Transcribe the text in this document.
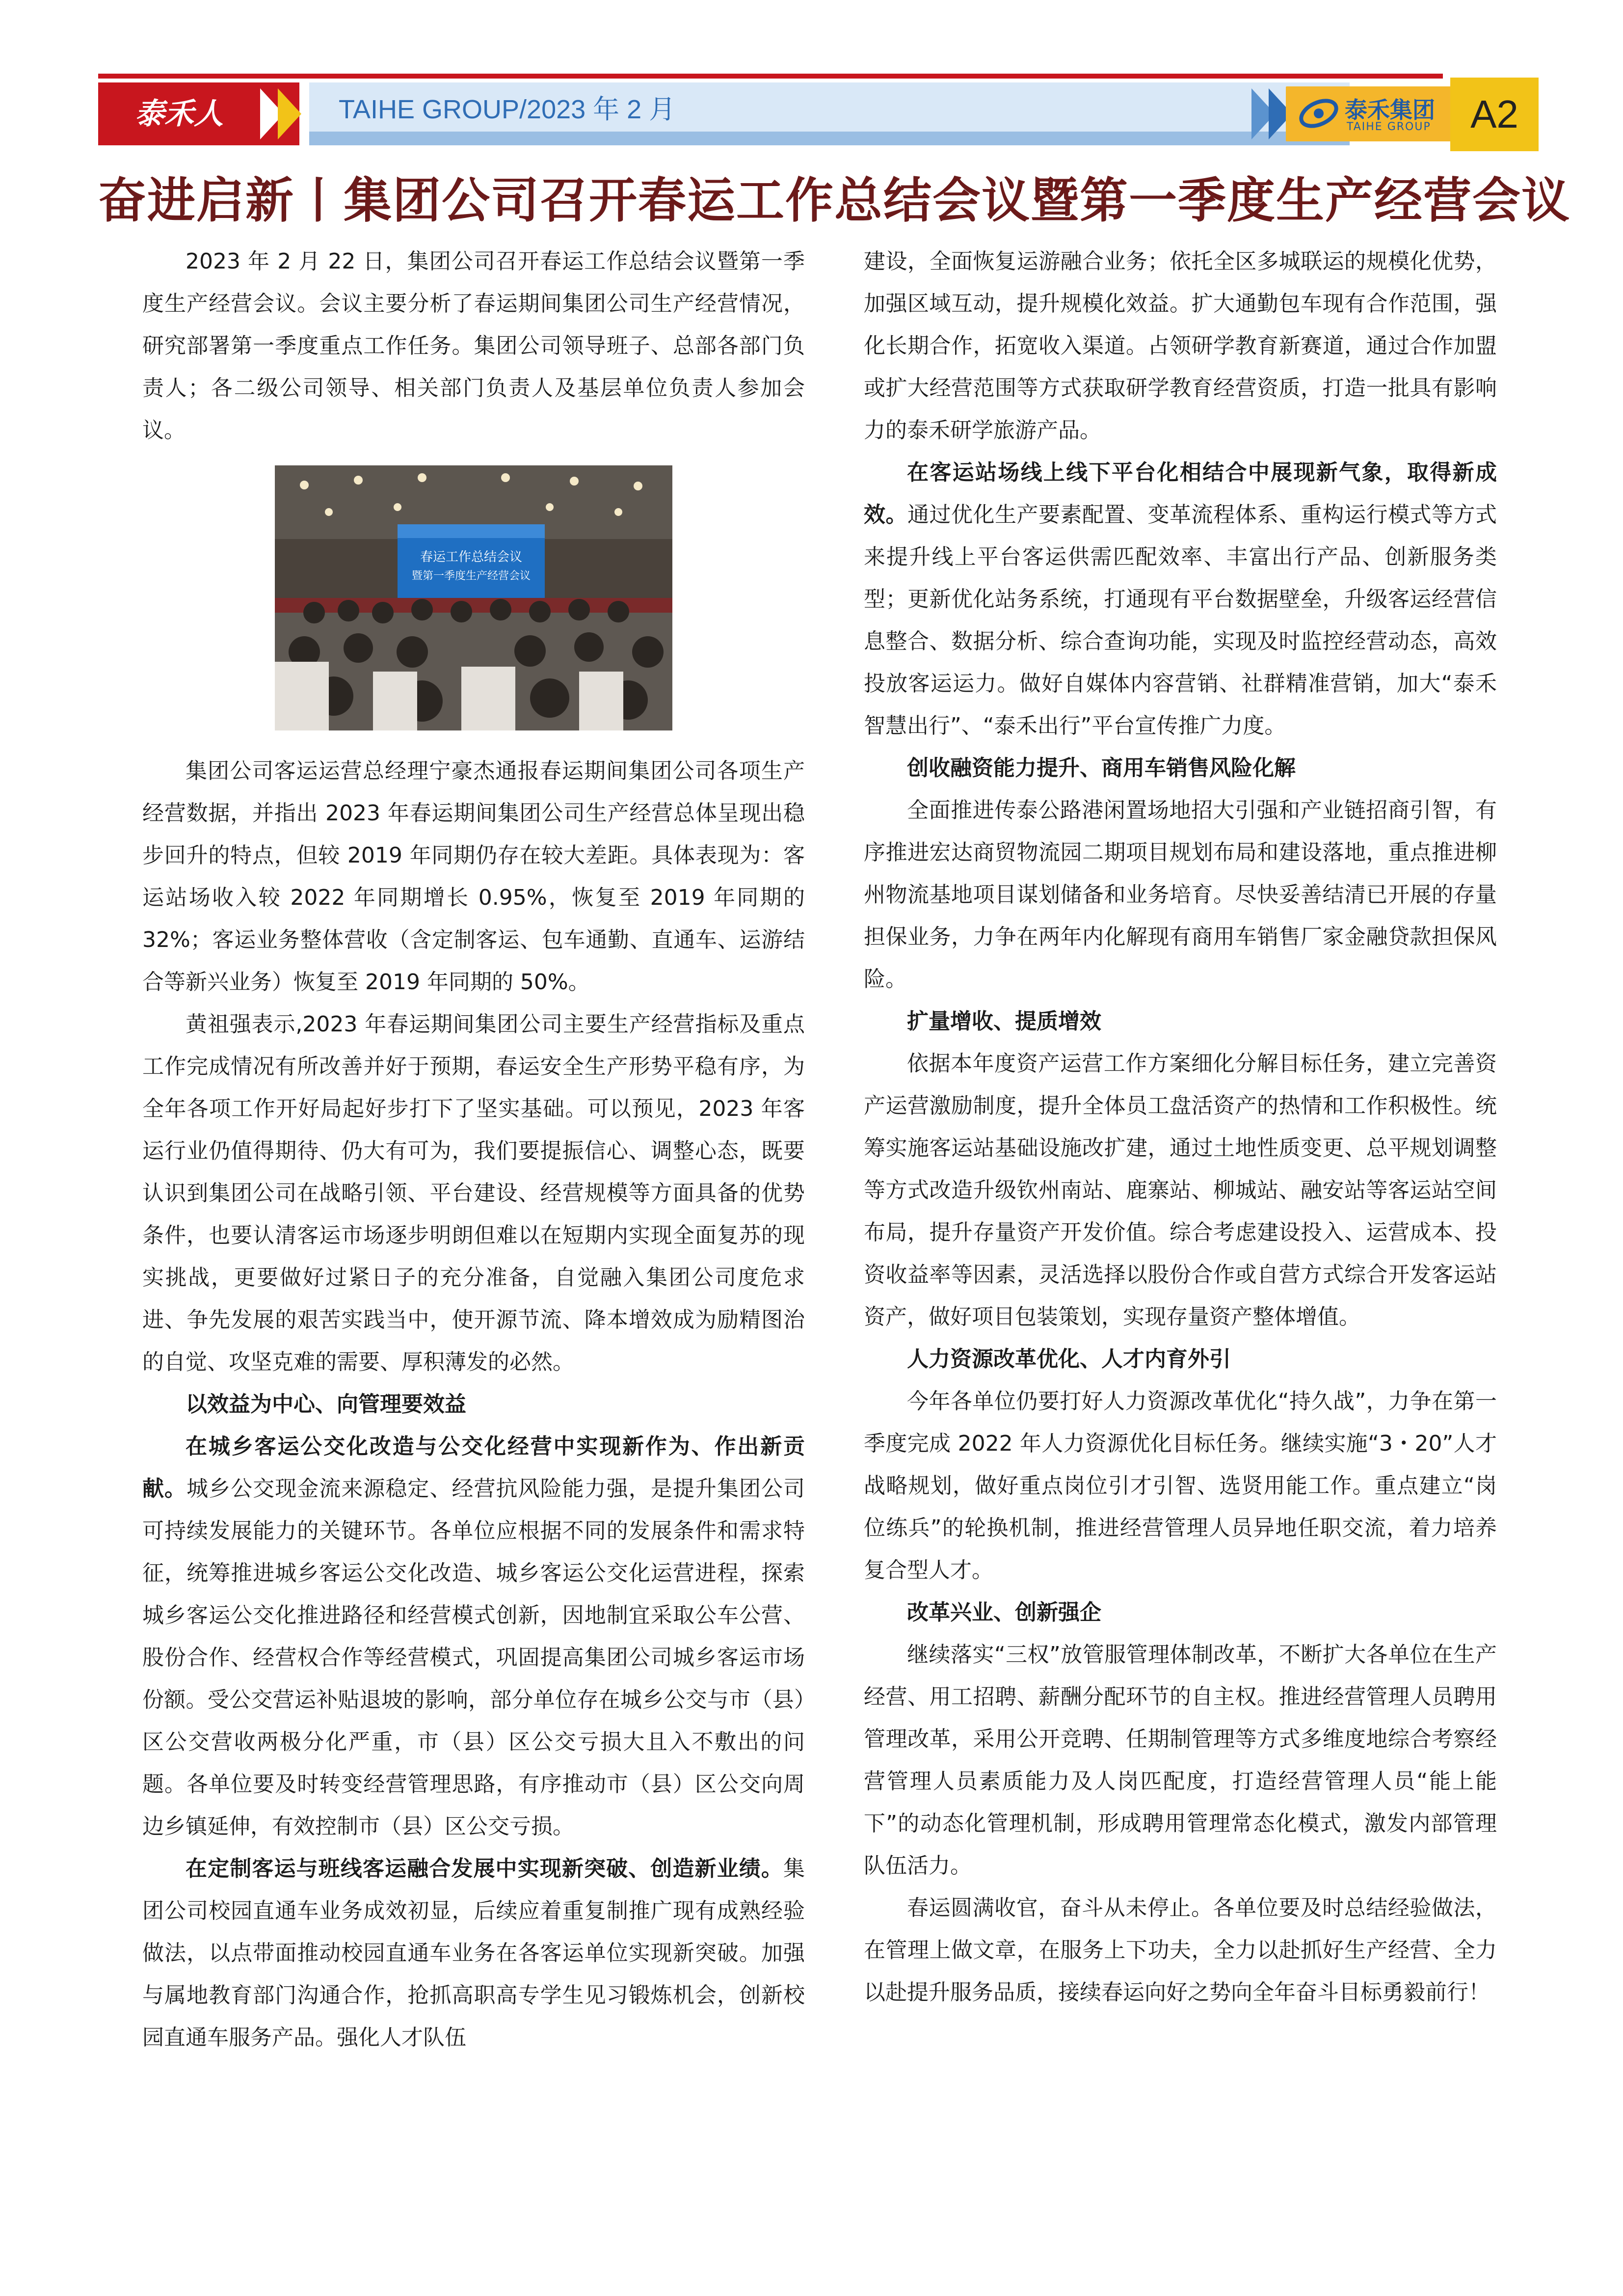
泰禾人	TAIHE GROUP/2023 年 2 月	泰禾集团
TAIHE GROUP	A2
奋进启新丨集团公司召开春运工作总结会议暨第一季度生产经营会议

2023 年 2 月 22 日，集团公司召开春运工作总结会议暨第一季度生产经营会议。会议主要分析了春运期间集团公司生产经营情况，研究部署第一季度重点工作任务。集团公司领导班子、总部各部门负责人；各二级公司领导、相关部门负责人及基层单位负责人参加会议。

春运工作总结会议
暨第一季度生产经营会议

集团公司客运运营总经理宁豪杰通报春运期间集团公司各项生产经营数据，并指出 2023 年春运期间集团公司生产经营总体呈现出稳步回升的特点，但较 2019 年同期仍存在较大差距。具体表现为：客运站场收入较 2022 年同期增长 0.95%，恢复至 2019 年同期的 32%；客运业务整体营收（含定制客运、包车通勤、直通车、运游结合等新兴业务）恢复至 2019 年同期的 50%。

黄祖强表示,2023 年春运期间集团公司主要生产经营指标及重点工作完成情况有所改善并好于预期，春运安全生产形势平稳有序，为全年各项工作开好局起好步打下了坚实基础。可以预见，2023 年客运行业仍值得期待、仍大有可为，我们要提振信心、调整心态，既要认识到集团公司在战略引领、平台建设、经营规模等方面具备的优势条件，也要认清客运市场逐步明朗但难以在短期内实现全面复苏的现实挑战，更要做好过紧日子的充分准备，自觉融入集团公司度危求进、争先发展的艰苦实践当中，使开源节流、降本增效成为励精图治的自觉、攻坚克难的需要、厚积薄发的必然。

以效益为中心、向管理要效益

在城乡客运公交化改造与公交化经营中实现新作为、作出新贡献。城乡公交现金流来源稳定、经营抗风险能力强，是提升集团公司可持续发展能力的关键环节。各单位应根据不同的发展条件和需求特征，统筹推进城乡客运公交化改造、城乡客运公交化运营进程，探索城乡客运公交化推进路径和经营模式创新，因地制宜采取公车公营、股份合作、经营权合作等经营模式，巩固提高集团公司城乡客运市场份额。受公交营运补贴退坡的影响，部分单位存在城乡公交与市（县）区公交营收两极分化严重，市（县）区公交亏损大且入不敷出的问题。各单位要及时转变经营管理思路，有序推动市（县）区公交向周边乡镇延伸，有效控制市（县）区公交亏损。

在定制客运与班线客运融合发展中实现新突破、创造新业绩。集团公司校园直通车业务成效初显，后续应着重复制推广现有成熟经验做法，以点带面推动校园直通车业务在各客运单位实现新突破。加强与属地教育部门沟通合作，抢抓高职高专学生见习锻炼机会，创新校园直通车服务产品。强化人才队伍

建设，全面恢复运游融合业务；依托全区多城联运的规模化优势，加强区域互动，提升规模化效益。扩大通勤包车现有合作范围，强化长期合作，拓宽收入渠道。占领研学教育新赛道，通过合作加盟或扩大经营范围等方式获取研学教育经营资质，打造一批具有影响力的泰禾研学旅游产品。

在客运站场线上线下平台化相结合中展现新气象，取得新成效。通过优化生产要素配置、变革流程体系、重构运行模式等方式来提升线上平台客运供需匹配效率、丰富出行产品、创新服务类型；更新优化站务系统，打通现有平台数据壁垒，升级客运经营信息整合、数据分析、综合查询功能，实现及时监控经营动态，高效投放客运运力。做好自媒体内容营销、社群精准营销，加大“泰禾智慧出行”、“泰禾出行”平台宣传推广力度。

创收融资能力提升、商用车销售风险化解

全面推进传泰公路港闲置场地招大引强和产业链招商引智，有序推进宏达商贸物流园二期项目规划布局和建设落地，重点推进柳州物流基地项目谋划储备和业务培育。尽快妥善结清已开展的存量担保业务，力争在两年内化解现有商用车销售厂家金融贷款担保风险。

扩量增收、提质增效

依据本年度资产运营工作方案细化分解目标任务，建立完善资产运营激励制度，提升全体员工盘活资产的热情和工作积极性。统筹实施客运站基础设施改扩建，通过土地性质变更、总平规划调整等方式改造升级钦州南站、鹿寨站、柳城站、融安站等客运站空间布局，提升存量资产开发价值。综合考虑建设投入、运营成本、投资收益率等因素，灵活选择以股份合作或自营方式综合开发客运站资产，做好项目包装策划，实现存量资产整体增值。

人力资源改革优化、人才内育外引

今年各单位仍要打好人力资源改革优化“持久战”，力争在第一季度完成 2022 年人力资源优化目标任务。继续实施“3・20”人才战略规划，做好重点岗位引才引智、选贤用能工作。重点建立“岗位练兵”的轮换机制，推进经营管理人员异地任职交流，着力培养复合型人才。

改革兴业、创新强企

继续落实“三权”放管服管理体制改革，不断扩大各单位在生产经营、用工招聘、薪酬分配环节的自主权。推进经营管理人员聘用管理改革，采用公开竞聘、任期制管理等方式多维度地综合考察经营管理人员素质能力及人岗匹配度，打造经营管理人员“能上能下”的动态化管理机制，形成聘用管理常态化模式，激发内部管理队伍活力。

春运圆满收官，奋斗从未停止。各单位要及时总结经验做法，在管理上做文章，在服务上下功夫，全力以赴抓好生产经营、全力以赴提升服务品质，接续春运向好之势向全年奋斗目标勇毅前行！
